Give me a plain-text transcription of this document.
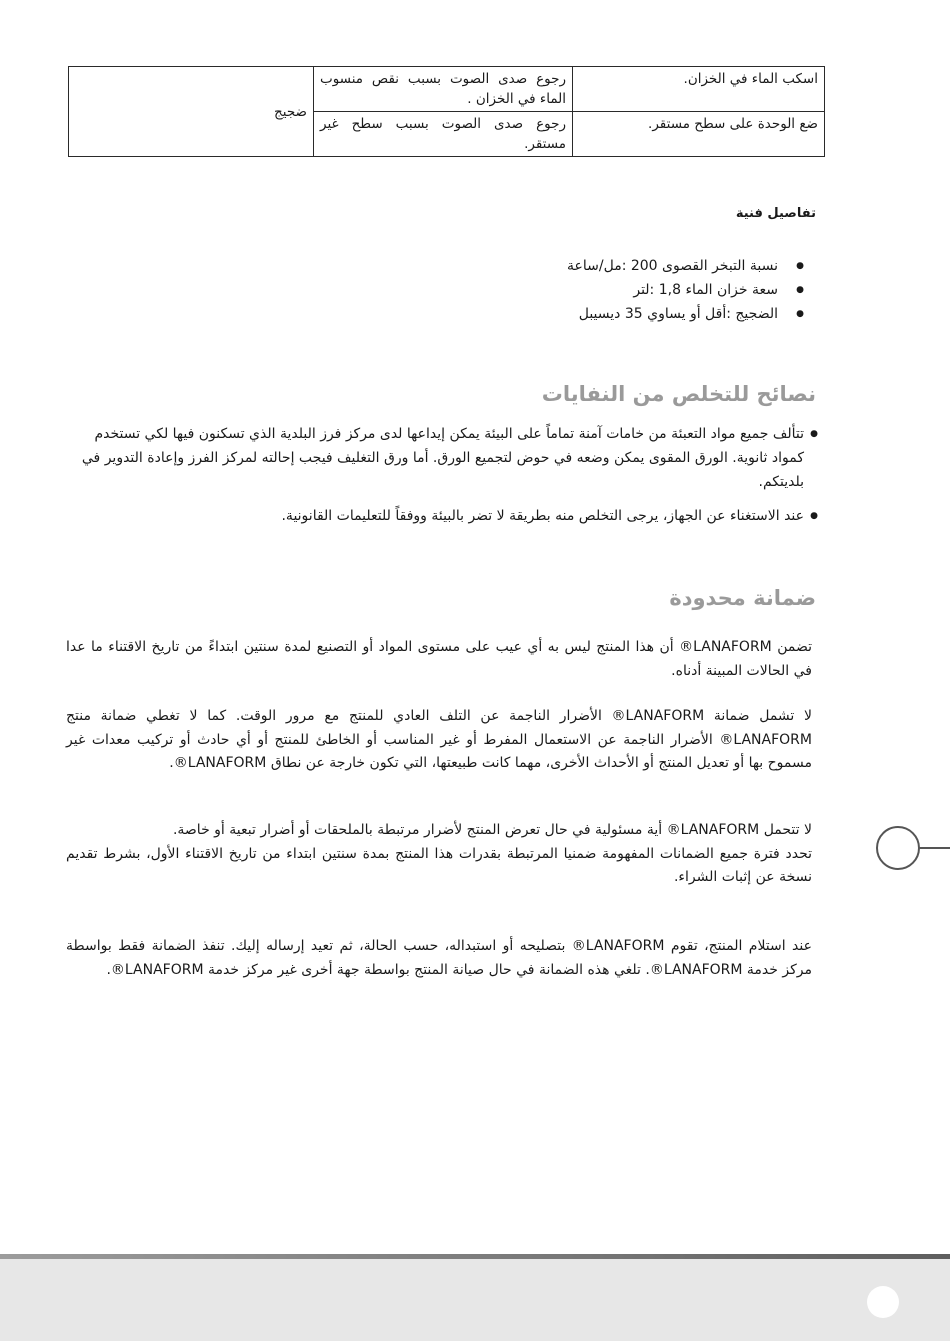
اسكب الماء في الخزان.	رجوع صدى الصوت بسبب نقص منسوب الماء في الخزان .	ضجيج
ضع الوحدة على سطح مستقر.	رجوع صدى الصوت بسبب سطح غير مستقر.	
تفاصيل فنية
● نسبة التبخر القصوى 200 :مل/ساعة
● سعة خزان الماء 1,8 :لتر
● الضجيج :أقل أو يساوي 35 ديسيبل
نصائح للتخلص من النفايات
● تتألف جميع مواد التعبئة من خامات آمنة تماماً على البيئة يمكن إيداعها لدى مركز فرز البلدية الذي تسكنون فيها لكي تستخدم كمواد ثانوية. الورق المقوى يمكن وضعه في حوض لتجميع الورق. أما ورق التغليف فيجب إحالته لمركز الفرز وإعادة التدوير في بلديتكم.
● عند الاستغناء عن الجهاز، يرجى التخلص منه بطريقة لا تضر بالبيئة ووفقاً للتعليمات القانونية.
ضمانة محدودة

تضمن LANAFORM® أن هذا المنتج ليس به أي عيب على مستوى المواد أو التصنيع لمدة سنتين ابتداءً من تاريخ الاقتناء ما عدا في الحالات المبينة أدناه.

لا تشمل ضمانة LANAFORM® الأضرار الناجمة عن التلف العادي للمنتج مع مرور الوقت. كما لا تغطي ضمانة منتج LANAFORM® الأضرار الناجمة عن الاستعمال المفرط أو غير المناسب أو الخاطئ للمنتج أو أي حادث أو تركيب معدات غير مسموح بها أو تعديل المنتج أو الأحداث الأخرى، مهما كانت طبيعتها، التي تكون خارجة عن نطاق LANAFORM®.

لا تتحمل LANAFORM® أية مسئولية في حال تعرض المنتج لأضرار مرتبطة بالملحقات أو أضرار تبعية أو خاصة.
تحدد فترة جميع الضمانات المفهومة ضمنيا المرتبطة بقدرات هذا المنتج بمدة سنتين ابتداء من تاريخ الاقتناء الأول، بشرط تقديم نسخة عن إثبات الشراء.

عند استلام المنتج، تقوم LANAFORM® بتصليحه أو استبداله، حسب الحالة، ثم تعيد إرساله إليك. تنفذ الضمانة فقط بواسطة مركز خدمة LANAFORM®. تلغي هذه الضمانة في حال صيانة المنتج بواسطة جهة أخرى غير مركز خدمة LANAFORM®.
